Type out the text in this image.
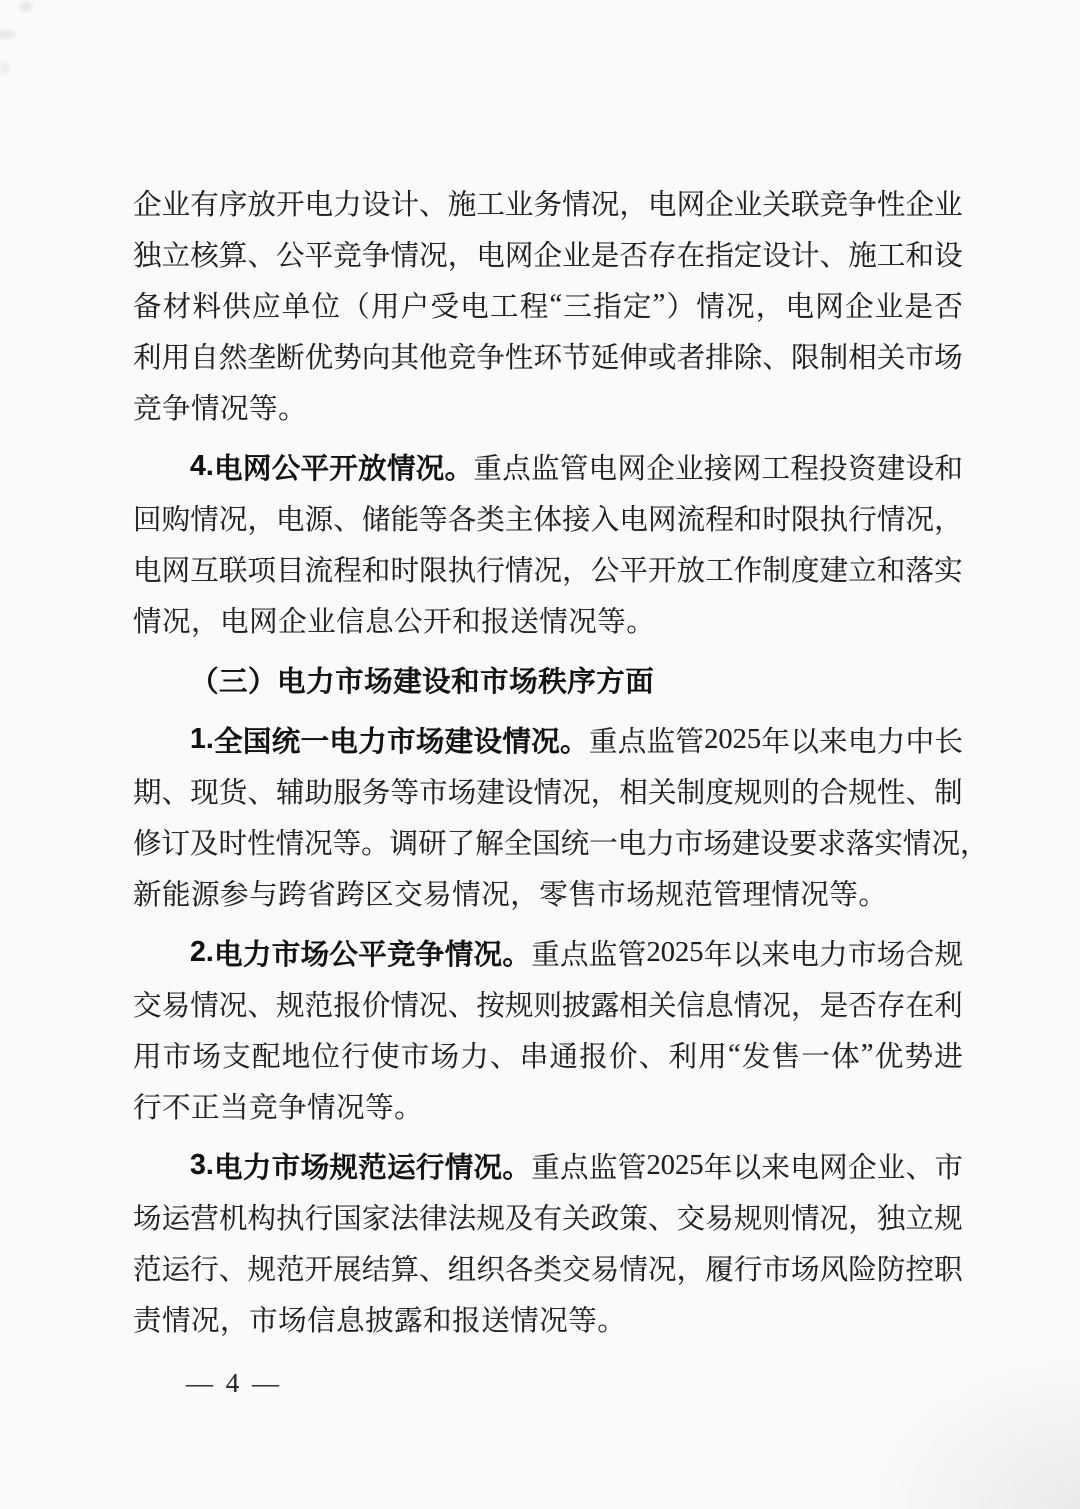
企 业 有 序 放 开 电 力 设 计 、 施 工 业 务 情 况 ， 电 网 企 业 关 联 竞 争 性 企 业
独 立 核 算 、 公 平 竞 争 情 况 ， 电 网 企 业 是 否 存 在 指 定 设 计 、 施 工 和 设
备 材 料 供 应 单 位 （ 用 户 受 电 工 程 “ 三 指 定 ” ） 情 况 ， 电 网 企 业 是 否
利 用 自 然 垄 断 优 势 向 其 他 竞 争 性 环 节 延 伸 或 者 排 除 、 限 制 相 关 市 场
竞 争 情 况 等 。
4. 电 网 公 平 开 放 情 况 。 重 点 监 管 电 网 企 业 接 网 工 程 投 资 建 设 和
回 购 情 况 ， 电 源 、 储 能 等 各 类 主 体 接 入 电 网 流 程 和 时 限 执 行 情 况 ，
电 网 互 联 项 目 流 程 和 时 限 执 行 情 况 ， 公 平 开 放 工 作 制 度 建 立 和 落 实
情 况 ， 电 网 企 业 信 息 公 开 和 报 送 情 况 等 。
（ 三 ） 电 力 市 场 建 设 和 市 场 秩 序 方 面
1. 全 国 统 一 电 力 市 场 建 设 情 况 。 重 点 监 管 2025 年 以 来 电 力 中 长
期 、 现 货 、 辅 助 服 务 等 市 场 建 设 情 况 ， 相 关 制 度 规 则 的 合 规 性 、 制
修 订 及 时 性 情 况 等 。 调 研 了 解 全 国 统 一 电 力 市 场 建 设 要 求 落 实 情 况 ，
新 能 源 参 与 跨 省 跨 区 交 易 情 况 ， 零 售 市 场 规 范 管 理 情 况 等 。
2. 电 力 市 场 公 平 竞 争 情 况 。 重 点 监 管 2025 年 以 来 电 力 市 场 合 规
交 易 情 况 、 规 范 报 价 情 况 、 按 规 则 披 露 相 关 信 息 情 况 ， 是 否 存 在 利
用 市 场 支 配 地 位 行 使 市 场 力 、 串 通 报 价 、 利 用 “ 发 售 一 体 ” 优 势 进
行 不 正 当 竞 争 情 况 等 。
3. 电 力 市 场 规 范 运 行 情 况 。 重 点 监 管 2025 年 以 来 电 网 企 业 、 市
场 运 营 机 构 执 行 国 家 法 律 法 规 及 有 关 政 策 、 交 易 规 则 情 况 ， 独 立 规
范 运 行 、 规 范 开 展 结 算 、 组 织 各 类 交 易 情 况 ， 履 行 市 场 风 险 防 控 职
责 情 况 ， 市 场 信 息 披 露 和 报 送 情 况 等 。
— 4 —
